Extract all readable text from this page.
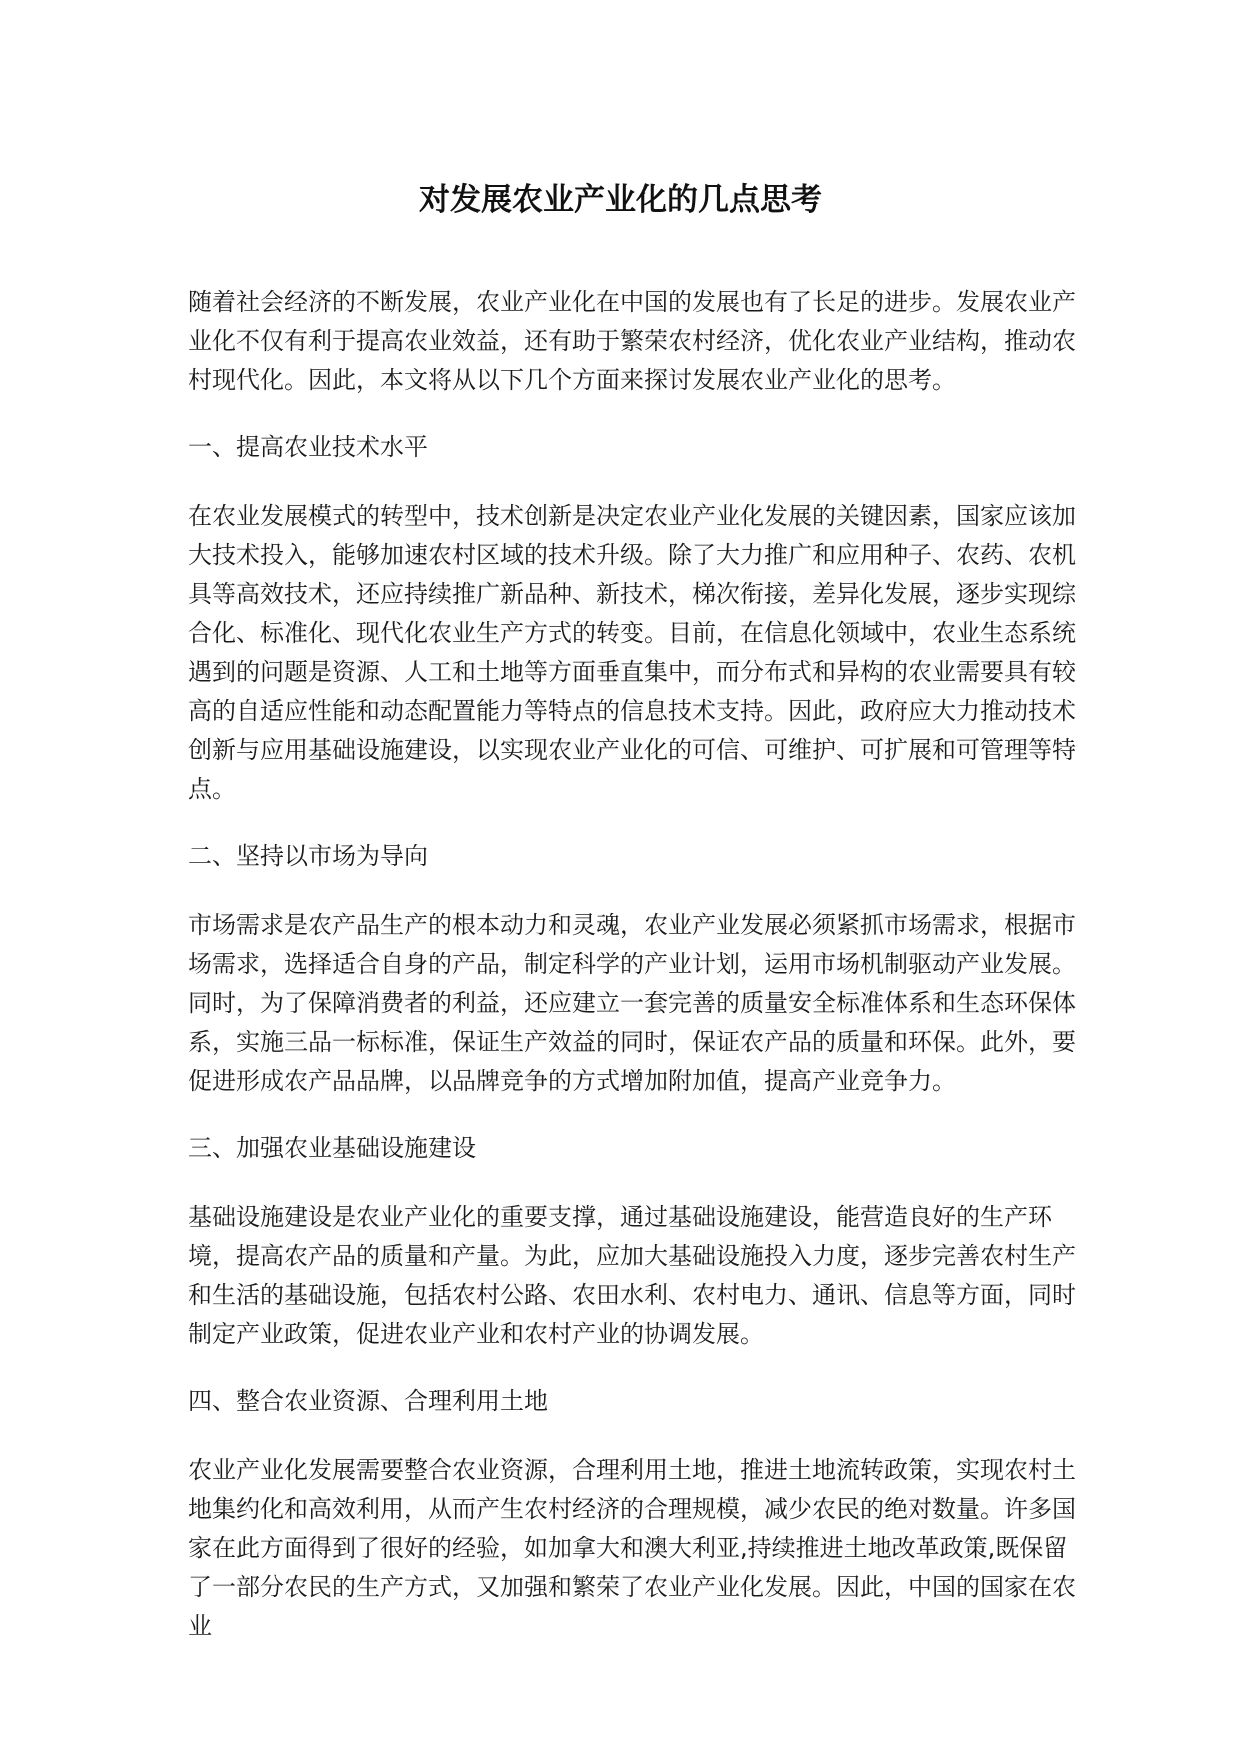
对发展农业产业化的几点思考

随着社会经济的不断发展，农业产业化在中国的发展也有了长足的进步。发展农业产业化不仅有利于提高农业效益，还有助于繁荣农村经济，优化农业产业结构，推动农村现代化。因此，本文将从以下几个方面来探讨发展农业产业化的思考。

一、提高农业技术水平

在农业发展模式的转型中，技术创新是决定农业产业化发展的关键因素，国家应该加大技术投入，能够加速农村区域的技术升级。除了大力推广和应用种子、农药、农机具等高效技术，还应持续推广新品种、新技术，梯次衔接，差异化发展，逐步实现综合化、标准化、现代化农业生产方式的转变。目前，在信息化领域中，农业生态系统遇到的问题是资源、人工和土地等方面垂直集中，而分布式和异构的农业需要具有较高的自适应性能和动态配置能力等特点的信息技术支持。因此，政府应大力推动技术创新与应用基础设施建设，以实现农业产业化的可信、可维护、可扩展和可管理等特点。

二、坚持以市场为导向

市场需求是农产品生产的根本动力和灵魂，农业产业发展必须紧抓市场需求，根据市场需求，选择适合自身的产品，制定科学的产业计划，运用市场机制驱动产业发展。同时，为了保障消费者的利益，还应建立一套完善的质量安全标准体系和生态环保体系，实施三品一标标准，保证生产效益的同时，保证农产品的质量和环保。此外，要促进形成农产品品牌，以品牌竞争的方式增加附加值，提高产业竞争力。

三、加强农业基础设施建设

基础设施建设是农业产业化的重要支撑，通过基础设施建设，能营造良好的生产环境，提高农产品的质量和产量。为此，应加大基础设施投入力度，逐步完善农村生产和生活的基础设施，包括农村公路、农田水利、农村电力、通讯、信息等方面，同时制定产业政策，促进农业产业和农村产业的协调发展。

四、整合农业资源、合理利用土地

农业产业化发展需要整合农业资源，合理利用土地，推进土地流转政策，实现农村土地集约化和高效利用，从而产生农村经济的合理规模，减少农民的绝对数量。许多国家在此方面得到了很好的经验，如加拿大和澳大利亚,持续推进土地改革政策,既保留了一部分农民的生产方式，又加强和繁荣了农业产业化发展。因此，中国的国家在农业
